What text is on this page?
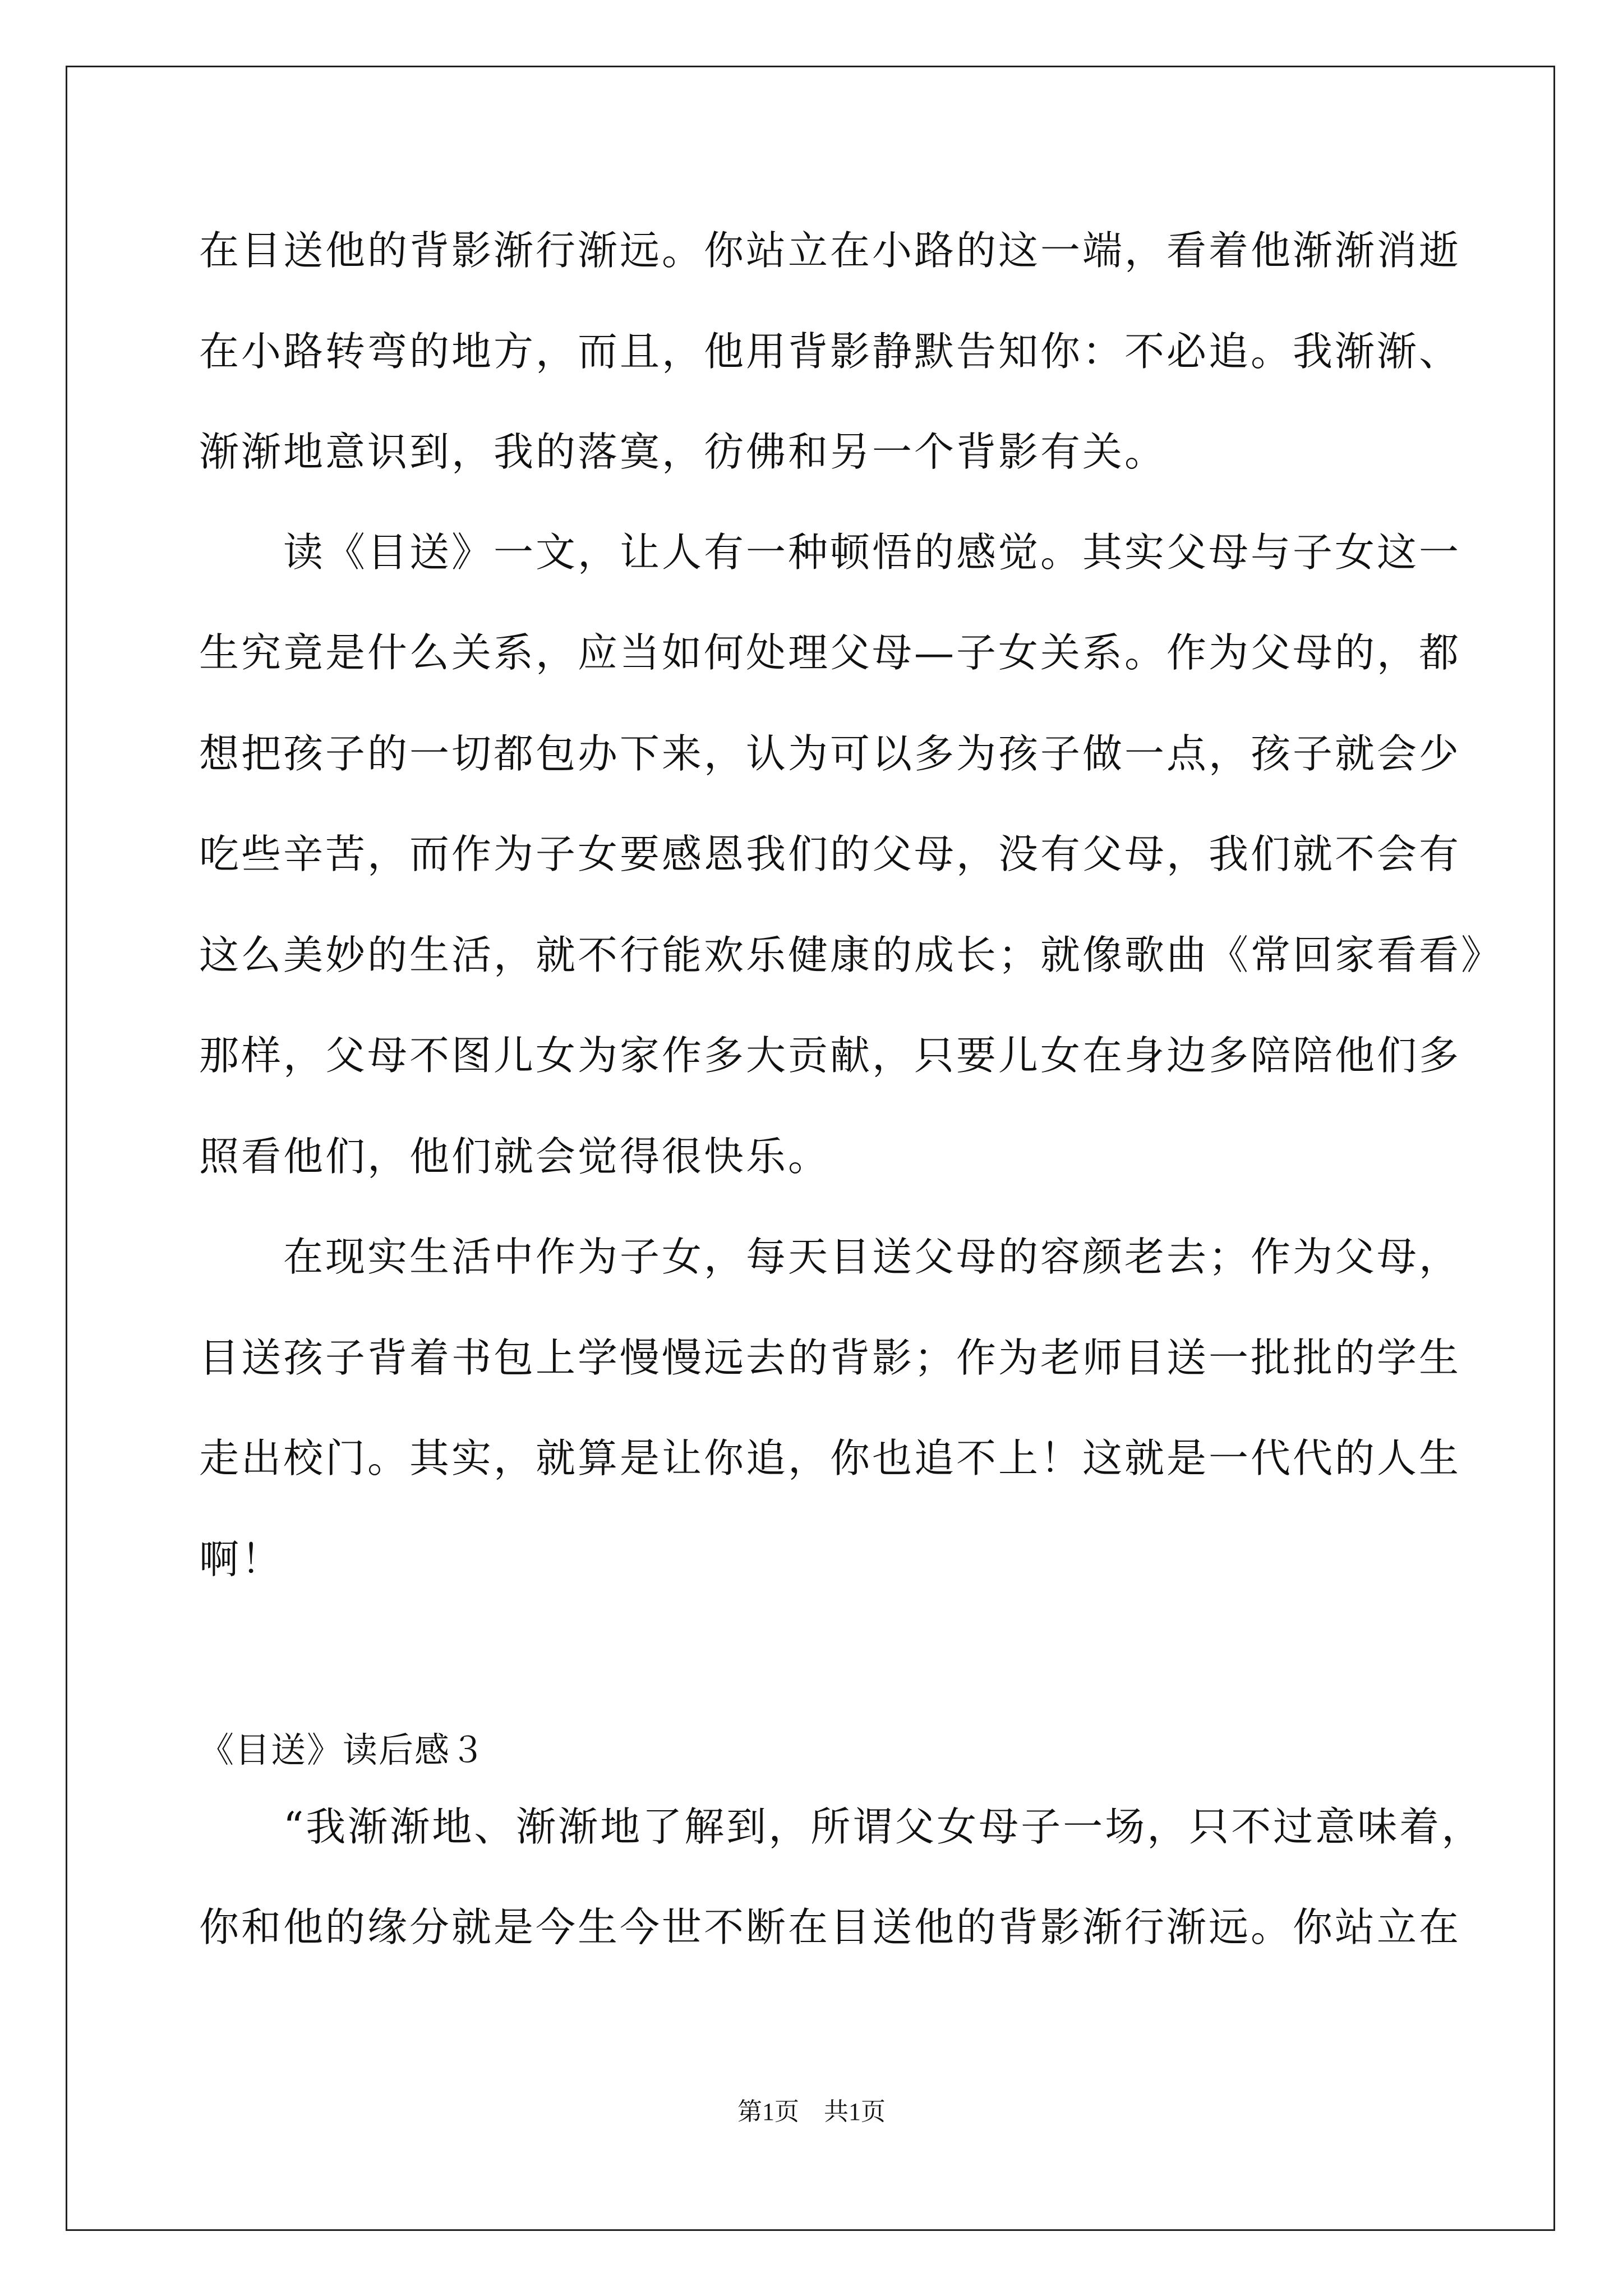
在目送他的背影渐行渐远。你站立在小路的这一端，看着他渐渐消逝

在小路转弯的地方，而且，他用背影静默告知你：不必追。我渐渐、

渐渐地意识到，我的落寞，彷佛和另一个背影有关。

　　读《目送》一文，让人有一种顿悟的感觉。其实父母与子女这一

生究竟是什么关系，应当如何处理父母—子女关系。作为父母的，都

想把孩子的一切都包办下来，认为可以多为孩子做一点，孩子就会少

吃些辛苦，而作为子女要感恩我们的父母，没有父母，我们就不会有

这么美妙的生活，就不行能欢乐健康的成长；就像歌曲《常回家看看》

那样，父母不图儿女为家作多大贡献，只要儿女在身边多陪陪他们多

照看他们，他们就会觉得很快乐。

　　在现实生活中作为子女，每天目送父母的容颜老去；作为父母，

目送孩子背着书包上学慢慢远去的背影；作为老师目送一批批的学生

走出校门。其实，就算是让你追，你也追不上！这就是一代代的人生

啊！

《目送》读后感３

　　“我渐渐地、渐渐地了解到，所谓父女母子一场，只不过意味着，

你和他的缘分就是今生今世不断在目送他的背影渐行渐远。你站立在

第1页　共1页
